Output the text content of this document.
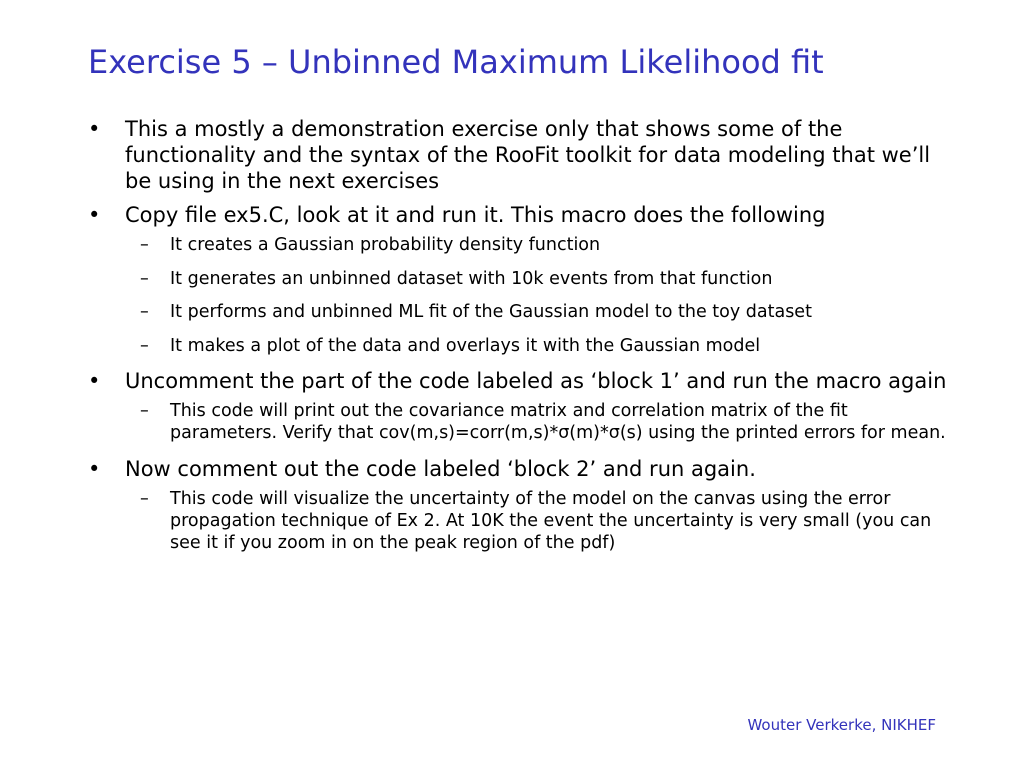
Exercise 5 – Unbinned Maximum Likelihood fit
•	This a mostly a demonstration exercise only that shows some of the functionality and the syntax of the RooFit toolkit for data modeling that we’ll be using in the next exercises
•	Copy file ex5.C, look at it and run it. This macro does the following
– It creates a Gaussian probability density function
– It generates an unbinned dataset with 10k events from that function
– It performs and unbinned ML fit of the Gaussian model to the toy dataset
– It makes a plot of the data and overlays it with the Gaussian model
•	Uncomment the part of the code labeled as ‘block 1’ and run the macro again
– This code will print out the covariance matrix and correlation matrix of the fit parameters. Verify that cov(m,s)=corr(m,s)*σ(m)*σ(s) using the printed errors for mean.
•	Now comment out the code labeled ‘block 2’ and run again.
– This code will visualize the uncertainty of the model on the canvas using the error propagation technique of Ex 2. At 10K the event the uncertainty is very small (you can see it if you zoom in on the peak region of the pdf)
Wouter Verkerke, NIKHEF
